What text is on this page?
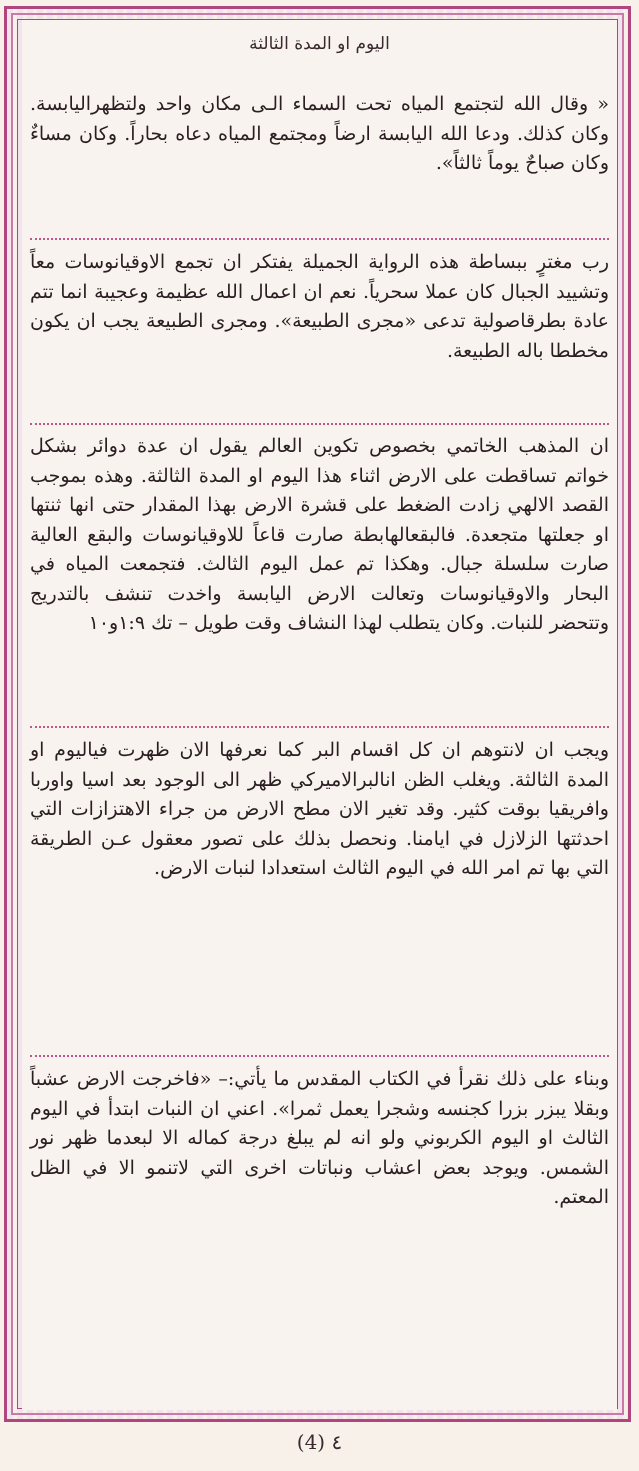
اليوم او المدة الثالثة

« وقال الله لتجتمع المياه تحت السماء الـى مكان واحد ولتظهراليابسة. وكان كذلك. ودعا الله اليابسة ارضاً ومجتمع المياه دعاه بحاراً. وكان مساءٌ وكان صباحٌ يوماً ثالثاً».

رب مغترٍ ببساطة هذه الرواية الجميلة يفتكر ان تجمع الاوقيانوسات معاً وتشييد الجبال كان عملا سحرياً. نعم ان اعمال الله عظيمة وعجيبة انما تتم عادة بطرقاصولية تدعى «مجرى الطبيعة». ومجرى الطبيعة يجب ان يكون مخططا باله الطبيعة.

ان المذهب الخاتمي بخصوص تكوين العالم يقول ان عدة دوائر بشكل خواتم تساقطت على الارض اثناء هذا اليوم او المدة الثالثة. وهذه بموجب القصد الالهي زادت الضغط على قشرة الارض بهذا المقدار حتى انها ثنتها او جعلتها متجعدة. فالبقعالهابطة صارت قاعاً للاوقيانوسات والبقع العالية صارت سلسلة جبال. وهكذا تم عمل اليوم الثالث. فتجمعت المياه في البحار والاوقيانوسات وتعالت الارض اليابسة واخدت تنشف بالتدريج وتتحضر للنبات. وكان يتطلب لهذا النشاف وقت طويل – تك ١:٩و١٠

ويجب ان لانتوهم ان كل اقسام البر كما نعرفها الان ظهرت فياليوم او المدة الثالثة. ويغلب الظن انالبرالاميركي ظهر الى الوجود بعد اسيا واوربا وافريقيا بوقت كثير. وقد تغير الان مطح الارض من جراء الاهتزازات التي احدثتها الزلازل في ايامنا. ونحصل بذلك على تصور معقول عـن الطريقة التي بها تم امر الله في اليوم الثالث استعدادا لنبات الارض.

وبناء على ذلك نقرأ في الكتاب المقدس ما يأتي:– «فاخرجت الارض عشباً وبقلا يبزر بزرا كجنسه وشجرا يعمل ثمرا». اعني ان النبات ابتدأ في اليوم الثالث او اليوم الكربوني ولو انه لم يبلغ درجة كماله الا لبعدما ظهر نور الشمس. ويوجد بعض اعشاب ونباتات اخرى التي لاتنمو الا في الظل المعتم.

(4) ٤
